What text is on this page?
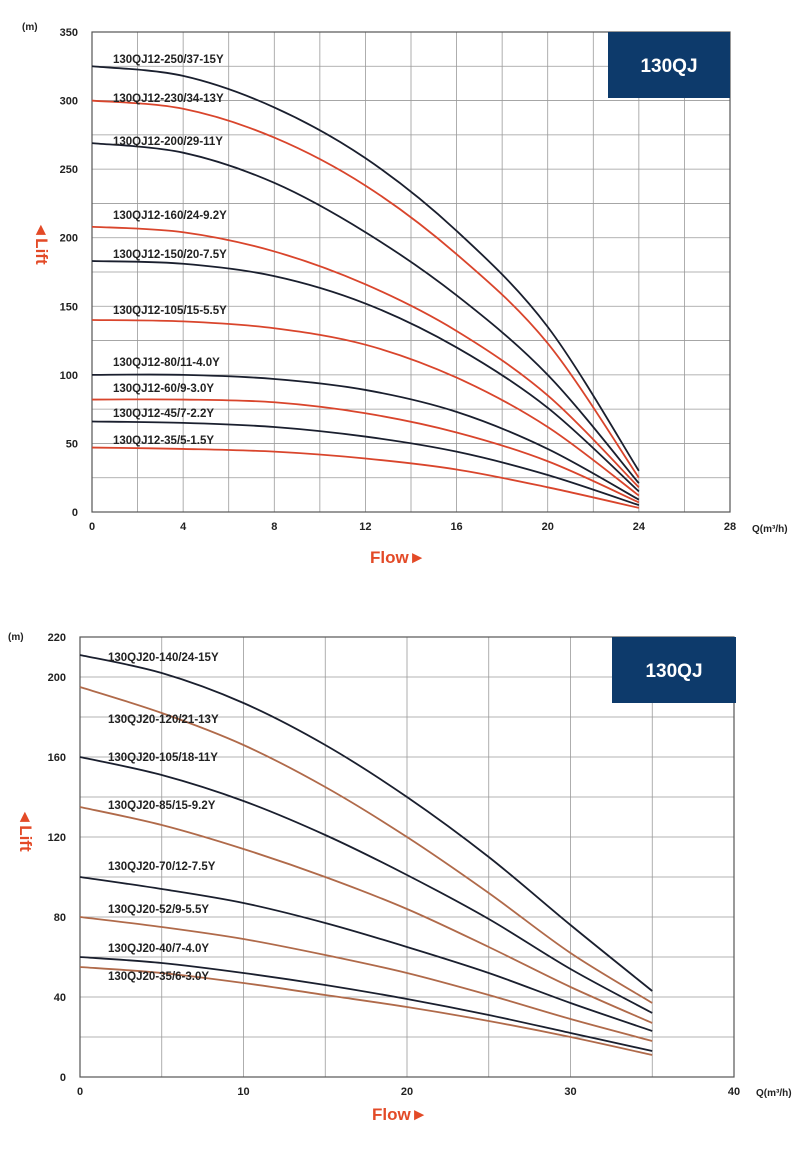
0	4	8	12	16	20	24	28
0
50
100
150
200
250
300
350
(m)
Q(m³/h)
Flow►
◄Lift
130QJ12-250/37-15Y
130QJ12-230/34-13Y
130QJ12-200/29-11Y
130QJ12-160/24-9.2Y
130QJ12-150/20-7.5Y
130QJ12-105/15-5.5Y
130QJ12-80/11-4.0Y
130QJ12-60/9-3.0Y
130QJ12-45/7-2.2Y
130QJ12-35/5-1.5Y
130QJ
0	10	20	30	40
0
40
80
120
160
200
220
(m)
Q(m³/h)
Flow►
◄Lift
130QJ20-140/24-15Y
130QJ20-120/21-13Y
130QJ20-105/18-11Y
130QJ20-85/15-9.2Y
130QJ20-70/12-7.5Y
130QJ20-52/9-5.5Y
130QJ20-40/7-4.0Y
130QJ20-35/6-3.0Y
130QJ
